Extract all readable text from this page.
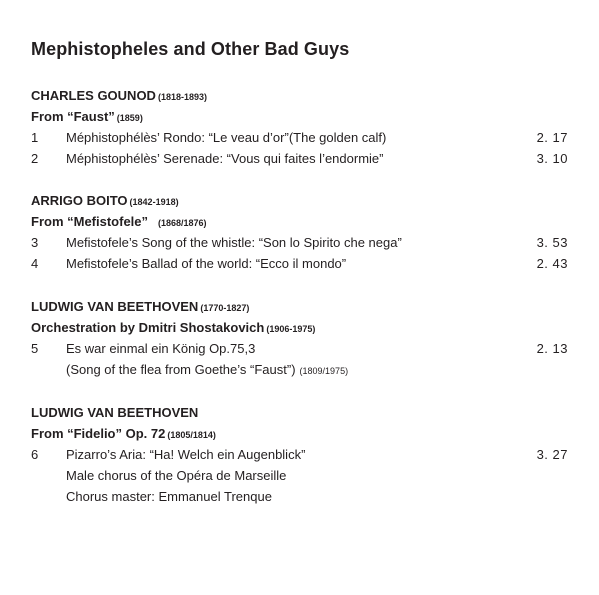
Mephistopheles and Other Bad Guys
CHARLES GOUNOD (1818-1893)
From “Faust” (1859)
1 Méphistophélès’ Rondo: “Le veau d’or”(The golden calf)	2. 17
2 Méphistophélès’ Serenade: “Vous qui faites l’endormie”	3. 10
ARRIGO BOITO (1842-1918)
From “Mefistofele” (1868/1876)
3 Mefistofele’s Song of the whistle: “Son lo Spirito che nega”	3. 53
4 Mefistofele’s Ballad of the world: “Ecco il mondo”	2. 43
LUDWIG VAN BEETHOVEN (1770-1827)
Orchestration by Dmitri Shostakovich (1906-1975)
5 Es war einmal ein König Op.75,3	2. 13
(Song of the flea from Goethe’s “Faust”) (1809/1975)
LUDWIG VAN BEETHOVEN
From “Fidelio” Op. 72 (1805/1814)
6 Pizarro’s Aria: “Ha! Welch ein Augenblick”	3. 27
Male chorus of the Opéra de Marseille
Chorus master: Emmanuel Trenque
